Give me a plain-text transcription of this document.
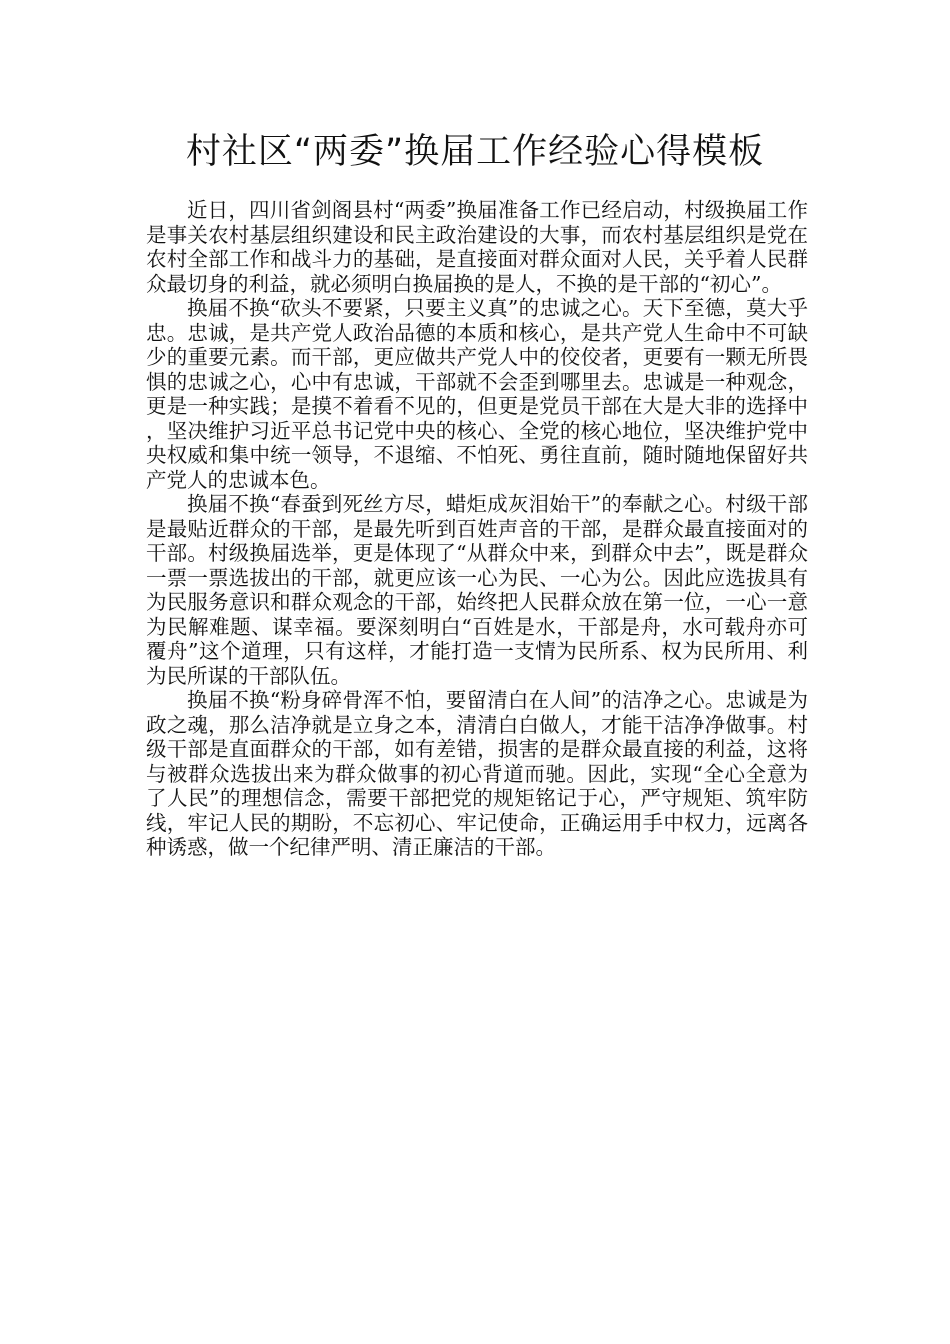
村社区“两委”换届工作经验心得模板

近日，四川省剑阁县村“两委”换届准备工作已经启动，村级换届工作是事关农村基层组织建设和民主政治建设的大事，而农村基层组织是党在农村全部工作和战斗力的基础，是直接面对群众面对人民，关乎着人民群众最切身的利益，就必须明白换届换的是人，不换的是干部的“初心”。

换届不换“砍头不要紧，只要主义真”的忠诚之心。天下至德，莫大乎忠。忠诚，是共产党人政治品德的本质和核心，是共产党人生命中不可缺少的重要元素。而干部，更应做共产党人中的佼佼者，更要有一颗无所畏惧的忠诚之心，心中有忠诚，干部就不会歪到哪里去。忠诚是一种观念，更是一种实践；是摸不着看不见的，但更是党员干部在大是大非的选择中，坚决维护习近平总书记党中央的核心、全党的核心地位，坚决维护党中央权威和集中统一领导，不退缩、不怕死、勇往直前，随时随地保留好共产党人的忠诚本色。

换届不换“春蚕到死丝方尽，蜡炬成灰泪始干”的奉献之心。村级干部是最贴近群众的干部，是最先听到百姓声音的干部，是群众最直接面对的干部。村级换届选举，更是体现了“从群众中来，到群众中去”，既是群众一票一票选拔出的干部，就更应该一心为民、一心为公。因此应选拔具有为民服务意识和群众观念的干部，始终把人民群众放在第一位，一心一意为民解难题、谋幸福。要深刻明白“百姓是水，干部是舟，水可载舟亦可覆舟”这个道理，只有这样，才能打造一支情为民所系、权为民所用、利为民所谋的干部队伍。

换届不换“粉身碎骨浑不怕，要留清白在人间”的洁净之心。忠诚是为政之魂，那么洁净就是立身之本，清清白白做人，才能干洁净净做事。村级干部是直面群众的干部，如有差错，损害的是群众最直接的利益，这将与被群众选拔出来为群众做事的初心背道而驰。因此，实现“全心全意为了人民”的理想信念，需要干部把党的规矩铭记于心，严守规矩、筑牢防线，牢记人民的期盼，不忘初心、牢记使命，正确运用手中权力，远离各种诱惑，做一个纪律严明、清正廉洁的干部。
